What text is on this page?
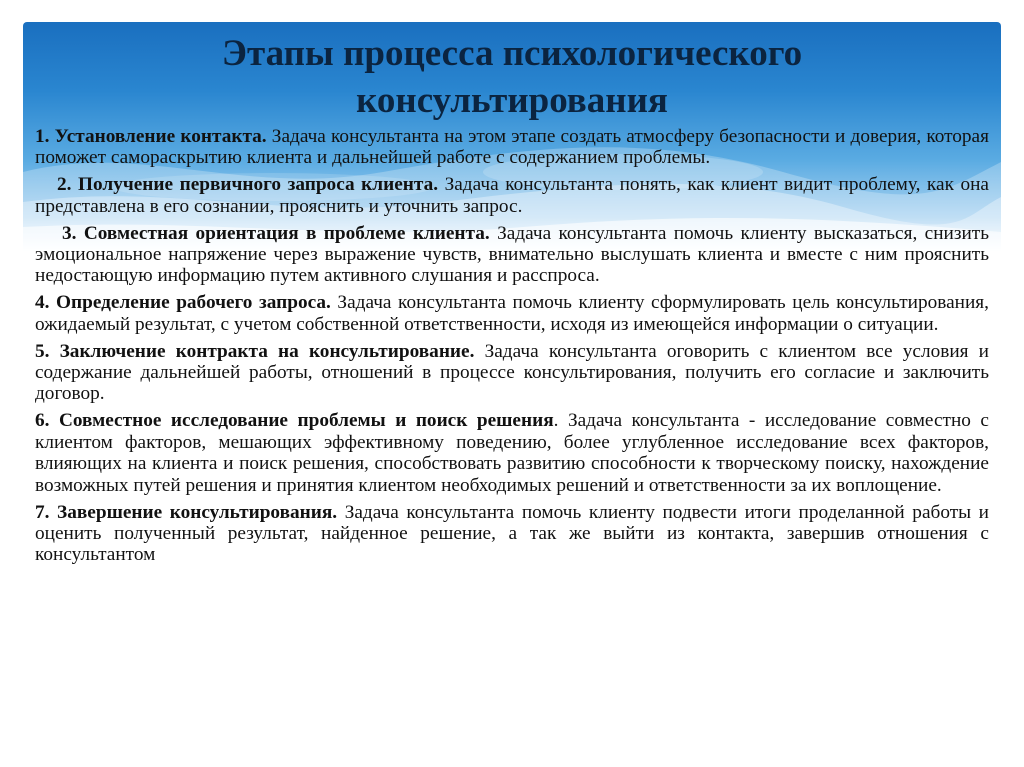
Этапы процесса психологического
консультирования

1. Установление контакта. Задача консультанта на этом этапе создать атмосферу безопасности и доверия, которая поможет самораскрытию клиента и дальнейшей работе с содержанием проблемы.

2. Получение первичного запроса клиента. Задача консультанта понять, как клиент видит проблему, как она представлена в его сознании, прояснить и уточнить запрос.

3. Совместная ориентация в проблеме клиента. Задача консультанта помочь клиенту высказаться, снизить эмоциональное напряжение через выражение чувств, внимательно выслушать клиента и вместе с ним прояснить недостающую информацию путем активного слушания и расспроса.

4. Определение рабочего запроса. Задача консультанта помочь клиенту сформулировать цель консультирования, ожидаемый результат, с учетом собственной ответственности, исходя из имеющейся информации о ситуации.

5. Заключение контракта на консультирование. Задача консультанта оговорить с клиентом все условия и содержание дальнейшей работы, отношений в процессе консультирования, получить его согласие и заключить договор.

6. Совместное исследование проблемы и поиск решения. Задача консультанта - исследование совместно с клиентом факторов, мешающих эффективному поведению, более углубленное исследование всех факторов, влияющих на клиента и поиск решения, способствовать развитию способности к творческому поиску, нахождение возможных путей решения и принятия клиентом необходимых решений и ответственности за их воплощение.

7. Завершение консультирования. Задача консультанта помочь клиенту подвести итоги проделанной работы и оценить полученный результат, найденное решение, а так же выйти из контакта, завершив отношения с консультантом
